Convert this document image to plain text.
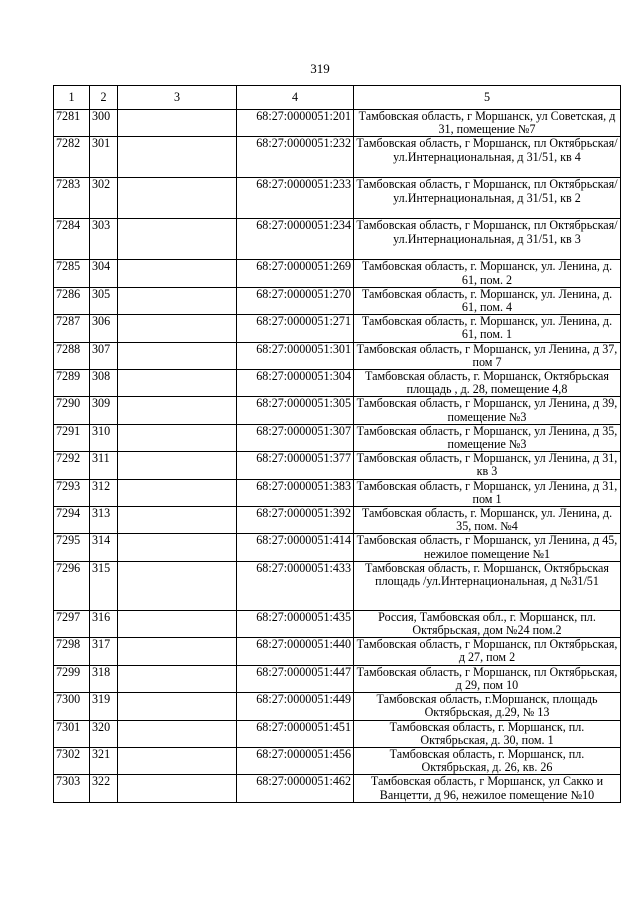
319
1	2	3	4	5
7281	300		68:27:0000051:201	Тамбовская область, г Моршанск, ул Советская, д 31, помещение №7
7282	301		68:27:0000051:232	Тамбовская область, г Моршанск, пл Октябрьская/ул.Интернациональная, д 31/51, кв 4
7283	302		68:27:0000051:233	Тамбовская область, г Моршанск, пл Октябрьская/ул.Интернациональная, д 31/51, кв 2
7284	303		68:27:0000051:234	Тамбовская область, г Моршанск, пл Октябрьская/ул.Интернациональная, д 31/51, кв 3
7285	304		68:27:0000051:269	Тамбовская область, г. Моршанск, ул. Ленина, д. 61, пом. 2
7286	305		68:27:0000051:270	Тамбовская область, г. Моршанск, ул. Ленина, д. 61, пом. 4
7287	306		68:27:0000051:271	Тамбовская область, г. Моршанск, ул. Ленина, д. 61, пом. 1
7288	307		68:27:0000051:301	Тамбовская область, г Моршанск, ул Ленина, д 37, пом 7
7289	308		68:27:0000051:304	Тамбовская область, г. Моршанск, Октябрьская площадь , д. 28, помещение 4,8
7290	309		68:27:0000051:305	Тамбовская область, г Моршанск, ул Ленина, д 39, помещение №3
7291	310		68:27:0000051:307	Тамбовская область, г Моршанск, ул Ленина, д 35, помещение №3
7292	311		68:27:0000051:377	Тамбовская область, г Моршанск, ул Ленина, д 31, кв 3
7293	312		68:27:0000051:383	Тамбовская область, г Моршанск, ул Ленина, д 31, пом 1
7294	313		68:27:0000051:392	Тамбовская область, г. Моршанск, ул. Ленина, д. 35, пом. №4
7295	314		68:27:0000051:414	Тамбовская область, г Моршанск, ул Ленина, д 45, нежилое помещение №1
7296	315		68:27:0000051:433	Тамбовская область, г. Моршанск, Октябрьская площадь /ул.Интернациональная, д №31/51
7297	316		68:27:0000051:435	Россия, Тамбовская обл., г. Моршанск, пл. Октябрьская, дом №24 пом.2
7298	317		68:27:0000051:440	Тамбовская область, г Моршанск, пл Октябрьская, д 27, пом 2
7299	318		68:27:0000051:447	Тамбовская область, г Моршанск, пл Октябрьская, д 29, пом 10
7300	319		68:27:0000051:449	Тамбовская область, г.Моршанск, площадь Октябрьская, д.29, № 13
7301	320		68:27:0000051:451	Тамбовская область, г. Моршанск, пл. Октябрьская, д. 30, пом. 1
7302	321		68:27:0000051:456	Тамбовская область, г. Моршанск, пл. Октябрьская, д. 26, кв. 26
7303	322		68:27:0000051:462	Тамбовская область, г Моршанск, ул Сакко и Ванцетти, д 96, нежилое помещение №10
